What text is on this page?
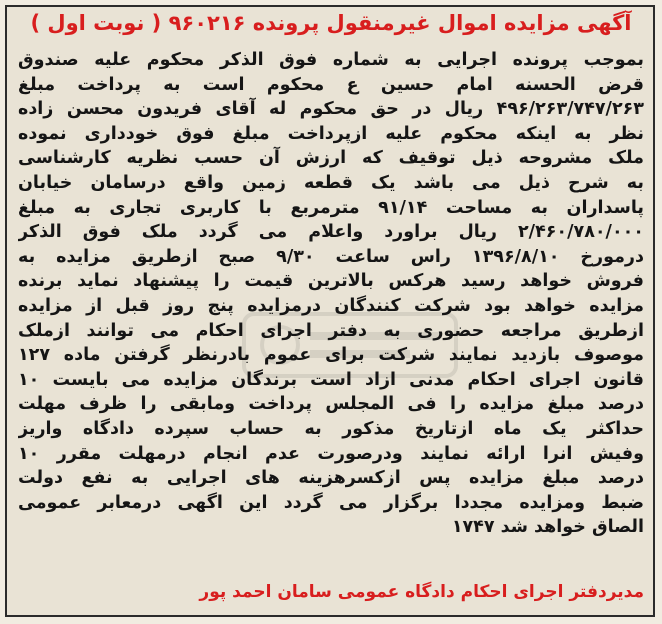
آگهی مزایده اموال غیرمنقول پرونده ۹۶۰۲۱۶ ( نوبت اول )
بموجب پرونده اجرایی به شماره فوق الذکر محکوم علیه صندوق
قرض الحسنه امام حسین ع محکوم است به پرداخت مبلغ
۴۹۶/۲۶۳/۷۴۷/۲۶۳ ریال در حق محکوم له آقای فریدون محسن زاده
نظر به اینکه محکوم علیه ازپرداخت مبلغ فوق خودداری نموده
ملک مشروحه ذیل توقیف که ارزش آن حسب نظریه کارشناسی
به شرح ذیل می باشد یک قطعه زمین واقع درسامان خیابان
پاسداران به مساحت ۹۱/۱۴ مترمربع با کاربری تجاری به مبلغ
۲/۴۶۰/۷۸۰/۰۰۰ ریال براورد واعلام می گردد ملک فوق الذکر
درمورخ ۱۳۹۶/۸/۱۰ راس ساعت ۹/۳۰ صبح ازطریق مزایده به
فروش خواهد رسید هرکس بالاترین قیمت را پیشنهاد نماید برنده
مزایده خواهد بود شرکت کنندگان درمزایده پنج روز قبل از مزایده
ازطریق مراجعه حضوری به دفتر اجرای احکام می توانند ازملک
موصوف بازدید نمایند شرکت برای عموم بادرنظر گرفتن ماده ۱۲۷
قانون اجرای احکام مدنی ازاد است برندگان مزایده می بایست ۱۰
درصد مبلغ مزایده را فی المجلس پرداخت ومابقی را ظرف مهلت
حداکثر یک ماه ازتاریخ مذکور به حساب سپرده دادگاه واریز
وفیش انرا ارائه نمایند ودرصورت عدم انجام درمهلت مقرر ۱۰
درصد مبلغ مزایده پس ازکسرهزینه های اجرایی به نفع دولت
ضبط ومزایده مجددا برگزار می گردد این اگهی درمعابر عمومی
الصاق خواهد شد ۱۷۴۷
مدیردفتر اجرای احکام دادگاه عمومی سامان احمد پور
